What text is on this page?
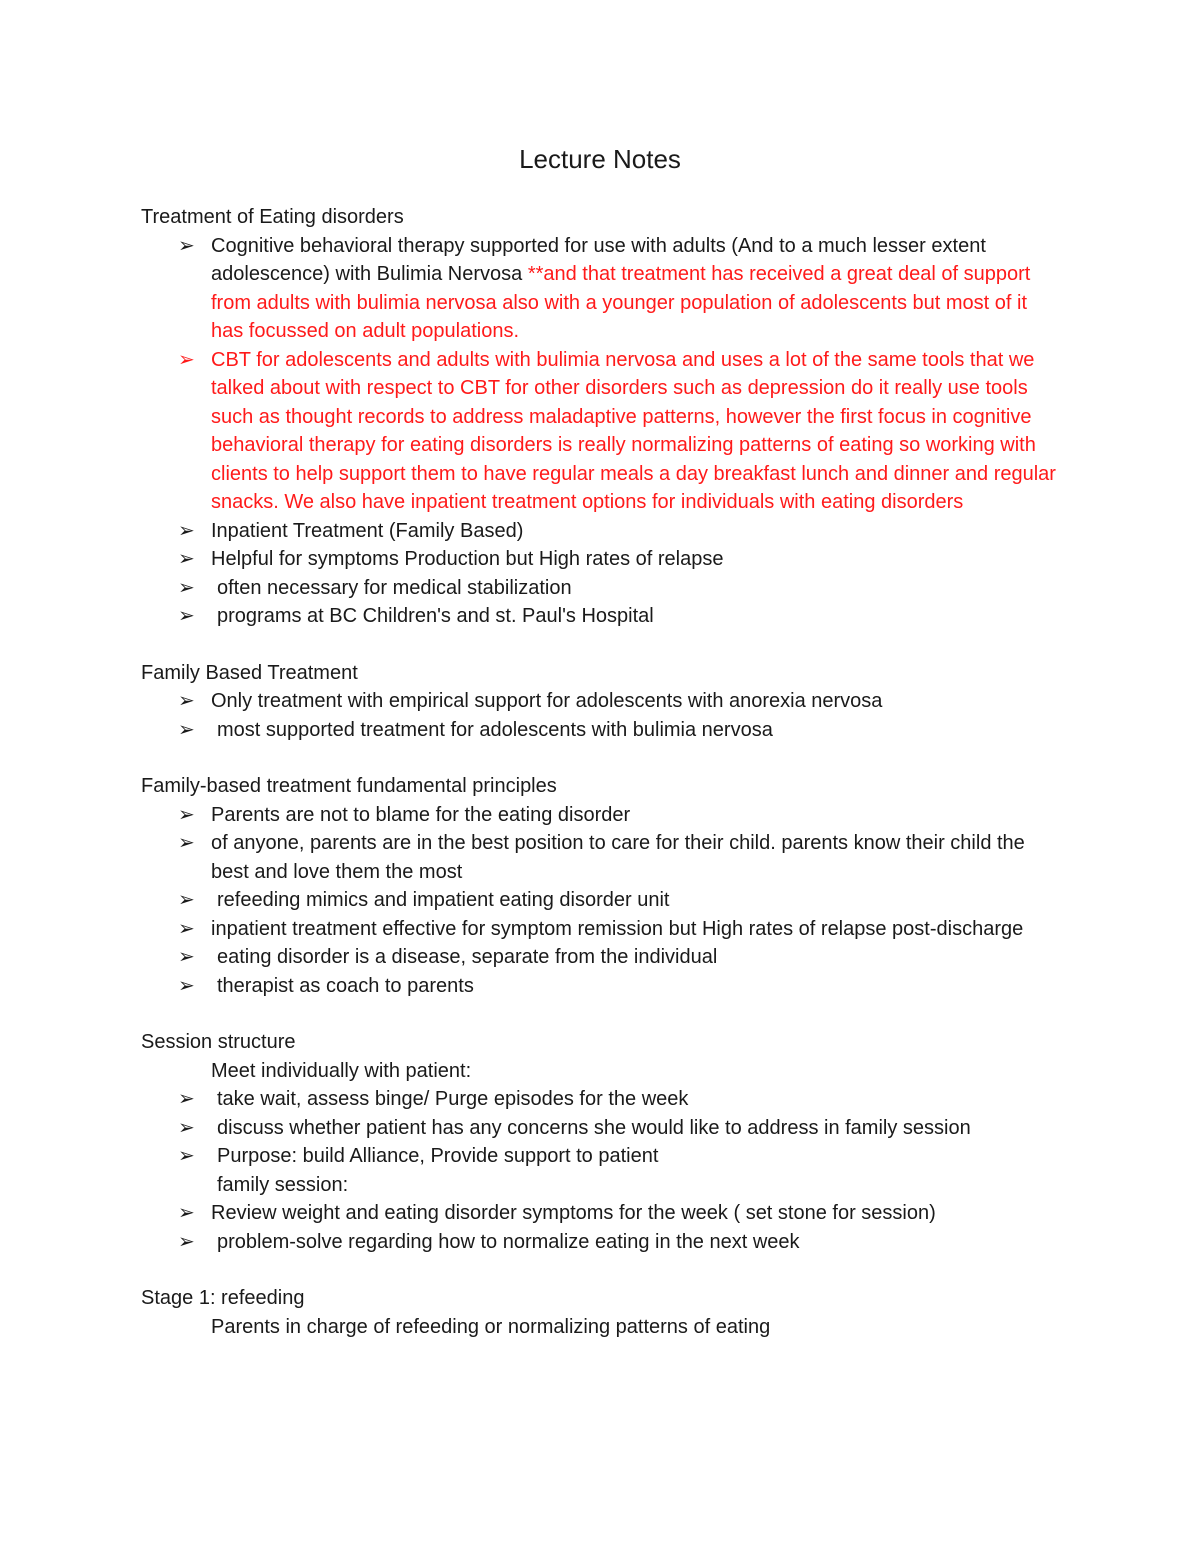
Lecture Notes
Treatment of Eating disorders
➢ Cognitive behavioral therapy supported for use with adults (And to a much lesser extent adolescence) with Bulimia Nervosa **and that treatment has received a great deal of support from adults with bulimia nervosa also with a younger population of adolescents but most of it has focussed on adult populations.
➢ CBT for adolescents and adults with bulimia nervosa and uses a lot of the same tools that we talked about with respect to CBT for other disorders such as depression do it really use tools such as thought records to address maladaptive patterns, however the first focus in cognitive behavioral therapy for eating disorders is really normalizing patterns of eating so working with clients to help support them to have regular meals a day breakfast lunch and dinner and regular snacks. We also have inpatient treatment options for individuals with eating disorders
➢ Inpatient Treatment (Family Based)
➢ Helpful for symptoms Production but High rates of relapse
➢ often necessary for medical stabilization
➢ programs at BC Children's and st. Paul's Hospital
Family Based Treatment
➢ Only treatment with empirical support for adolescents with anorexia nervosa
➢ most supported treatment for adolescents with bulimia nervosa
Family-based treatment fundamental principles
➢ Parents are not to blame for the eating disorder
➢ of anyone, parents are in the best position to care for their child. parents know their child the best and love them the most
➢ refeeding mimics and impatient eating disorder unit
➢ inpatient treatment effective for symptom remission but High rates of relapse post-discharge
➢ eating disorder is a disease, separate from the individual
➢ therapist as coach to parents
Session structure
Meet individually with patient:
➢ take wait, assess binge/ Purge episodes for the week
➢ discuss whether patient has any concerns she would like to address in family session
➢ Purpose: build Alliance, Provide support to patient
family session:
➢ Review weight and eating disorder symptoms for the week ( set stone for session)
➢ problem-solve regarding how to normalize eating in the next week
Stage 1: refeeding
Parents in charge of refeeding or normalizing patterns of eating
